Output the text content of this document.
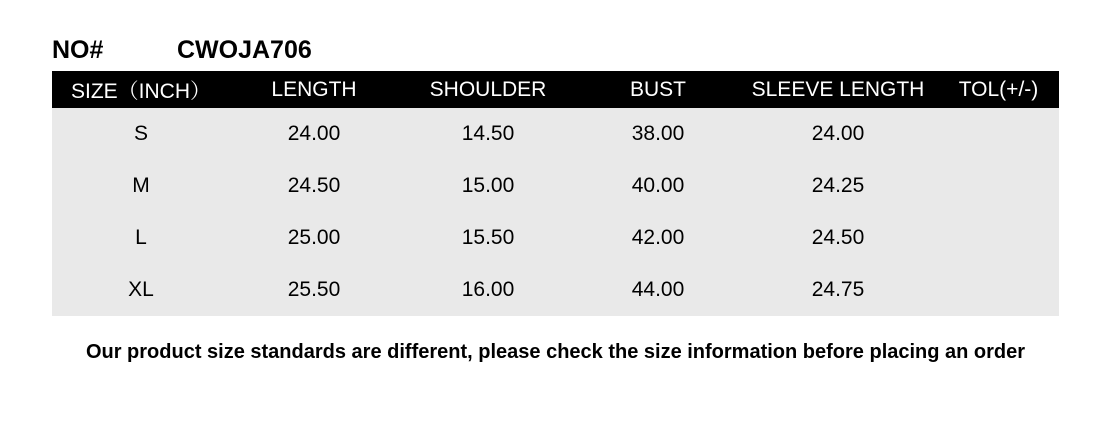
NO#	CWOJA706
SIZE（INCH）	LENGTH	SHOULDER	BUST	SLEEVE LENGTH	TOL(+/-)
S	24.00	14.50	38.00	24.00	
M	24.50	15.00	40.00	24.25	
L	25.00	15.50	42.00	24.50	
XL	25.50	16.00	44.00	24.75	
Our product size standards are different, please check the size information before placing an order
